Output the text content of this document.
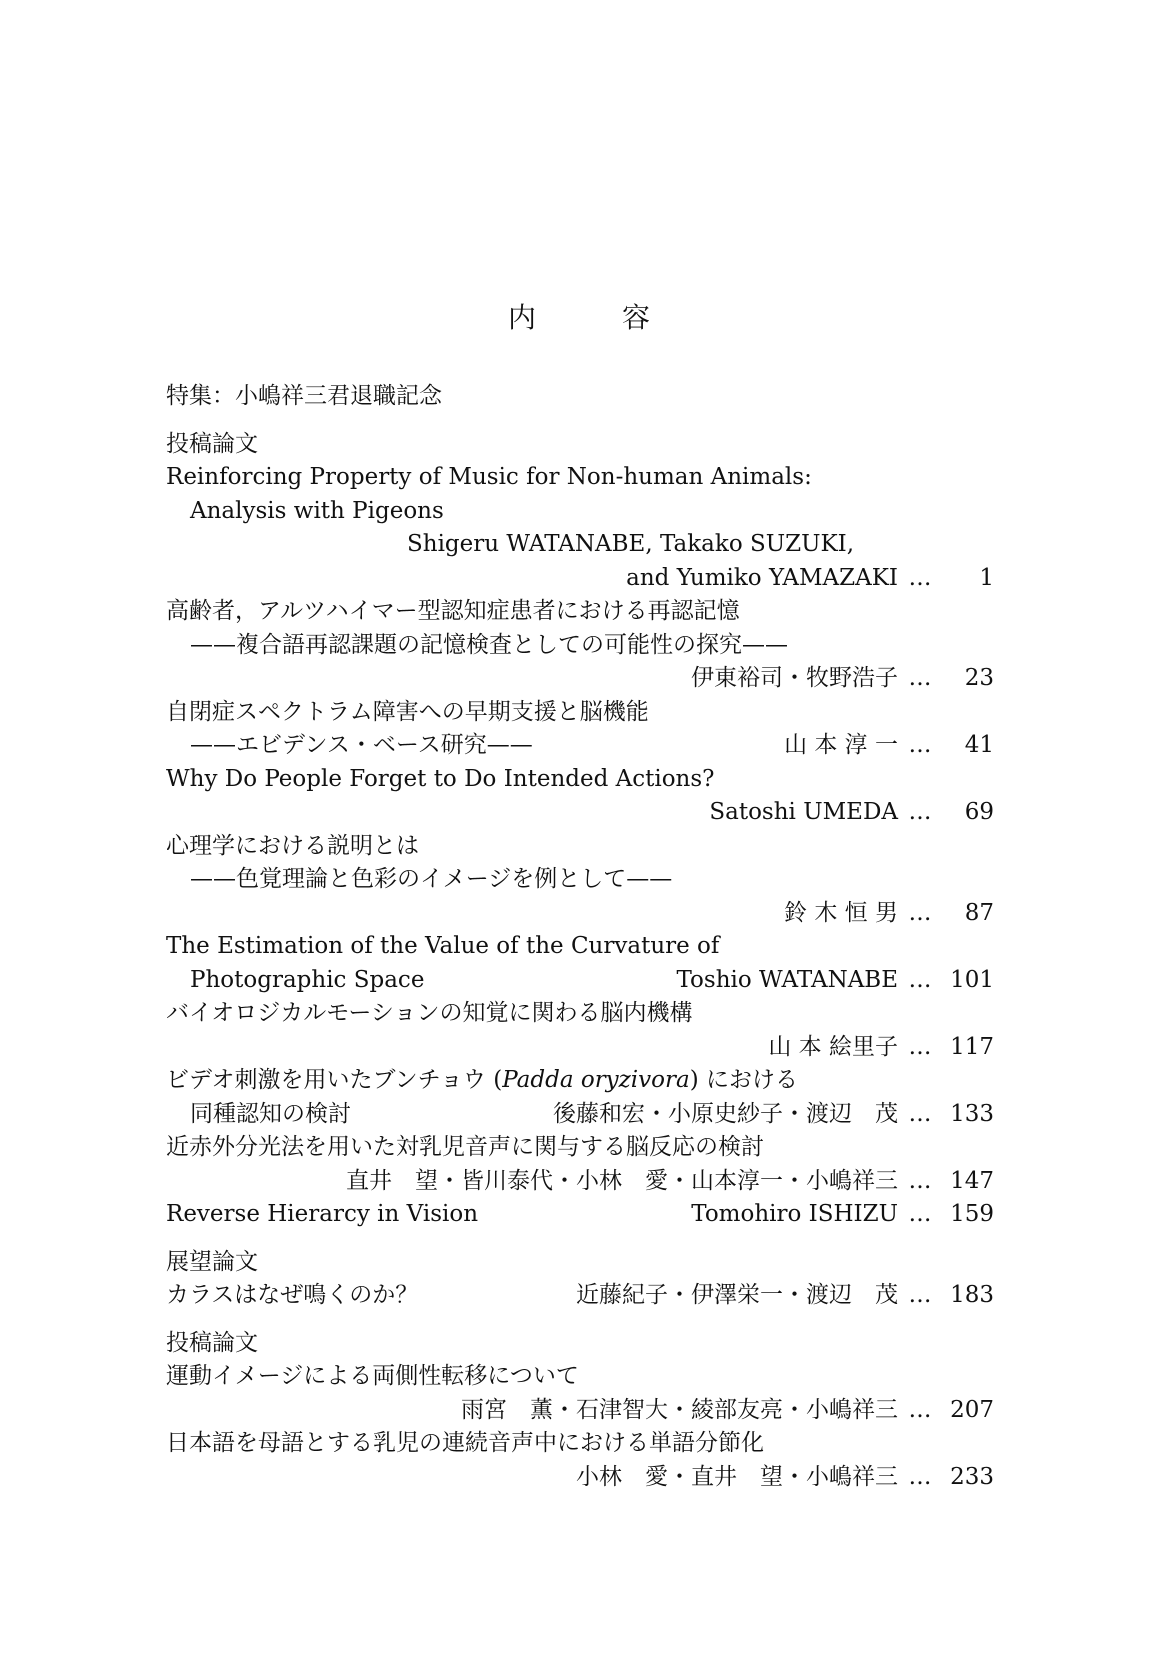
内	容
特集：小嶋祥三君退職記念
投稿論文
Reinforcing Property of Music for Non-human Animals:
Analysis with Pigeons
Shigeru WATANABE, Takako SUZUKI,
and Yumiko YAMAZAKI …	1
高齢者，アルツハイマー型認知症患者における再認記憶
——複合語再認課題の記憶検査としての可能性の探究——
伊東裕司・牧野浩子 …	23
自閉症スペクトラム障害への早期支援と脳機能
——エビデンス・ベース研究——	山 本 淳 一 …	41
Why Do People Forget to Do Intended Actions?
Satoshi UMEDA …	69
心理学における説明とは
——色覚理論と色彩のイメージを例として——
鈴 木 恒 男 …	87
The Estimation of the Value of the Curvature of
Photographic Space	Toshio WATANABE … 101
バイオロジカルモーションの知覚に関わる脳内機構
山 本 絵里子 … 117
ビデオ刺激を用いたブンチョウ (Padda oryzivora) における
同種認知の検討	後藤和宏・小原史紗子・渡辺　茂 … 133
近赤外分光法を用いた対乳児音声に関与する脳反応の検討
直井　望・皆川泰代・小林　愛・山本淳一・小嶋祥三 … 147
Reverse Hierarcy in Vision	Tomohiro ISHIZU … 159
展望論文
カラスはなぜ鳴くのか？	近藤紀子・伊澤栄一・渡辺　茂 … 183
投稿論文
運動イメージによる両側性転移について
雨宮　薫・石津智大・綾部友亮・小嶋祥三 … 207
日本語を母語とする乳児の連続音声中における単語分節化
小林　愛・直井　望・小嶋祥三 … 233
